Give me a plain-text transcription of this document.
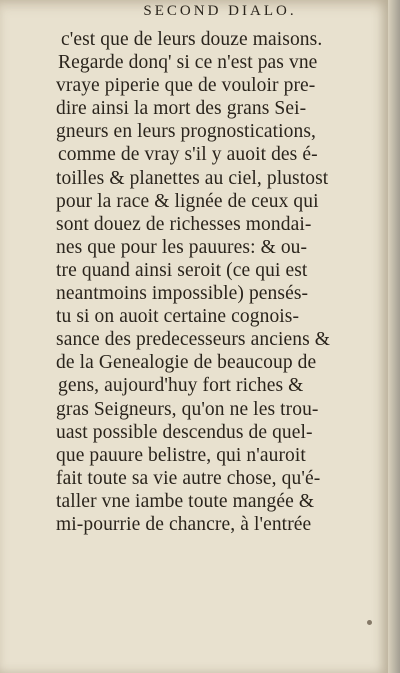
SECOND DIALO.
c'est que de leurs douze maisons.
Regarde donq' si ce n'est pas vne
vraye piperie que de vouloir pre-
dire ainsi la mort des grans Sei-
gneurs en leurs prognostications,
comme de vray s'il y auoit des é-
toilles & planettes au ciel, plustost
pour la race & lignée de ceux qui
sont douez de richesses mondai-
nes que pour les pauures: & ou-
tre quand ainsi seroit (ce qui est
neantmoins impossible) pensés-
tu si on auoit certaine cognois-
sance des predecesseurs anciens &
de la Genealogie de beaucoup de
gens, aujourd'huy fort riches &
gras Seigneurs, qu'on ne les trou-
uast possible descendus de quel-
que pauure belistre, qui n'auroit
fait toute sa vie autre chose, qu'é-
taller vne iambe toute mangée &
mi-pourrie de chancre, à l'entrée
